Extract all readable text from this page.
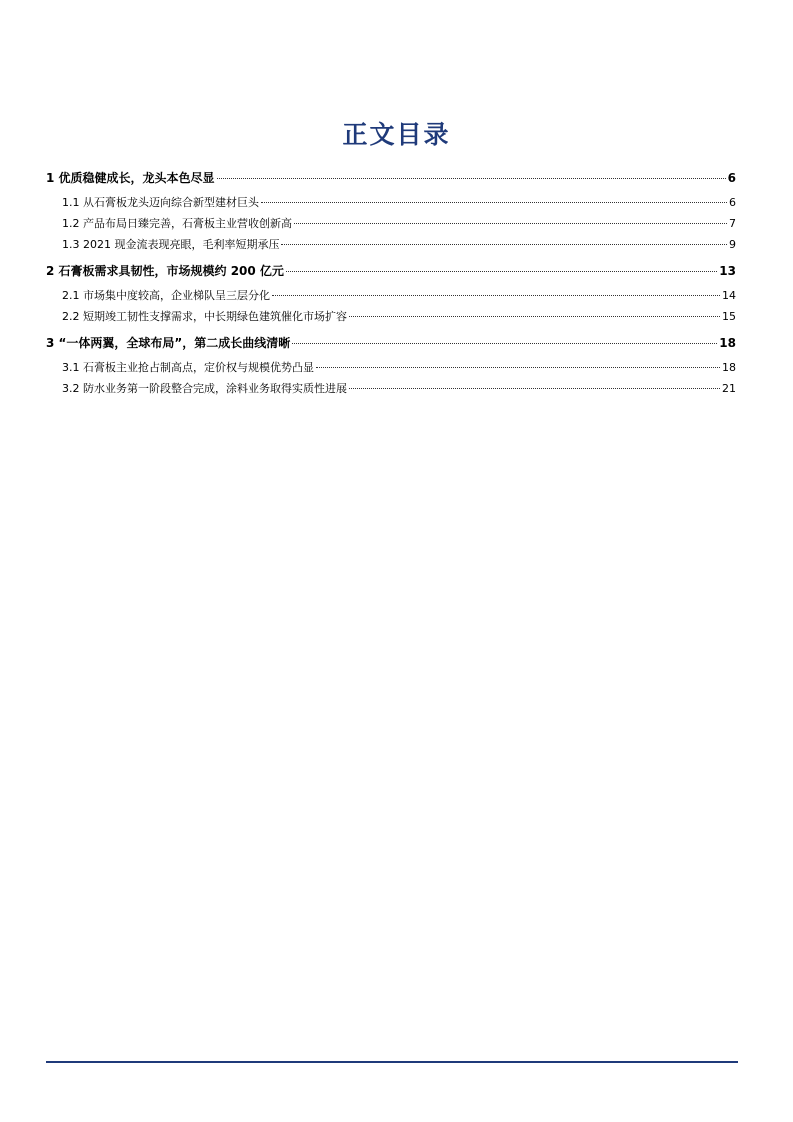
正文目录
1 优质稳健成长，龙头本色尽显	6
1.1 从石膏板龙头迈向综合新型建材巨头	6
1.2 产品布局日臻完善，石膏板主业营收创新高	7
1.3 2021 现金流表现亮眼，毛利率短期承压	9
2 石膏板需求具韧性，市场规模约 200 亿元	13
2.1 市场集中度较高，企业梯队呈三层分化	14
2.2 短期竣工韧性支撑需求，中长期绿色建筑催化市场扩容	15
3 “一体两翼，全球布局”，第二成长曲线清晰	18
3.1 石膏板主业抢占制高点，定价权与规模优势凸显	18
3.2 防水业务第一阶段整合完成，涂料业务取得实质性进展	21
